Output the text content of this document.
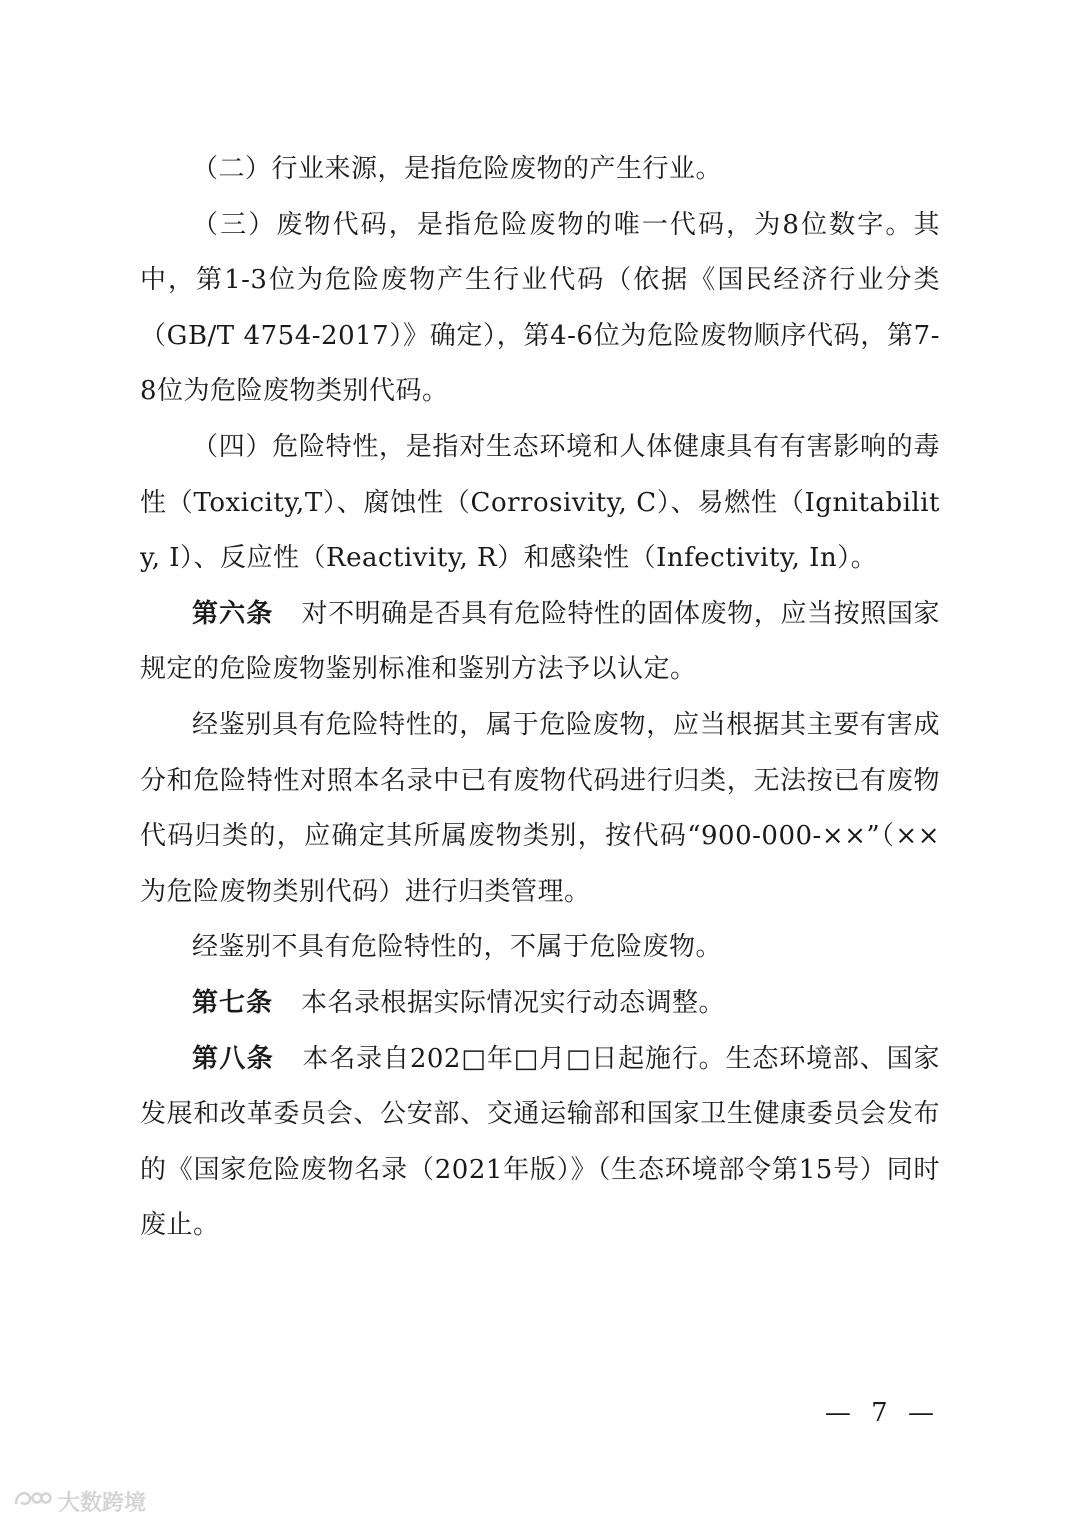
（二）行业来源，是指危险废物的产生行业。

（三）废物代码，是指危险废物的唯一代码，为8位数字。其中，第1-3位为危险废物产生行业代码（依据《国民经济行业分类（GB/T 4754-2017）》确定），第4-6位为危险废物顺序代码，第7-8位为危险废物类别代码。

（四）危险特性，是指对生态环境和人体健康具有有害影响的毒性（Toxicity,T）、腐蚀性（Corrosivity, C）、易燃性（Ignitability, I）、反应性（Reactivity, R）和感染性（Infectivity, In）。

第六条 对不明确是否具有危险特性的固体废物，应当按照国家规定的危险废物鉴别标准和鉴别方法予以认定。

经鉴别具有危险特性的，属于危险废物，应当根据其主要有害成分和危险特性对照本名录中已有废物代码进行归类，无法按已有废物代码归类的，应确定其所属废物类别，按代码“900-000-××”（××为危险废物类别代码）进行归类管理。

经鉴别不具有危险特性的，不属于危险废物。

第七条 本名录根据实际情况实行动态调整。

第八条 本名录自202□年□月□日起施行。生态环境部、国家发展和改革委员会、公安部、交通运输部和国家卫生健康委员会发布的《国家危险废物名录（2021年版）》（生态环境部令第15号）同时废止。

— 7 —
大数跨境
